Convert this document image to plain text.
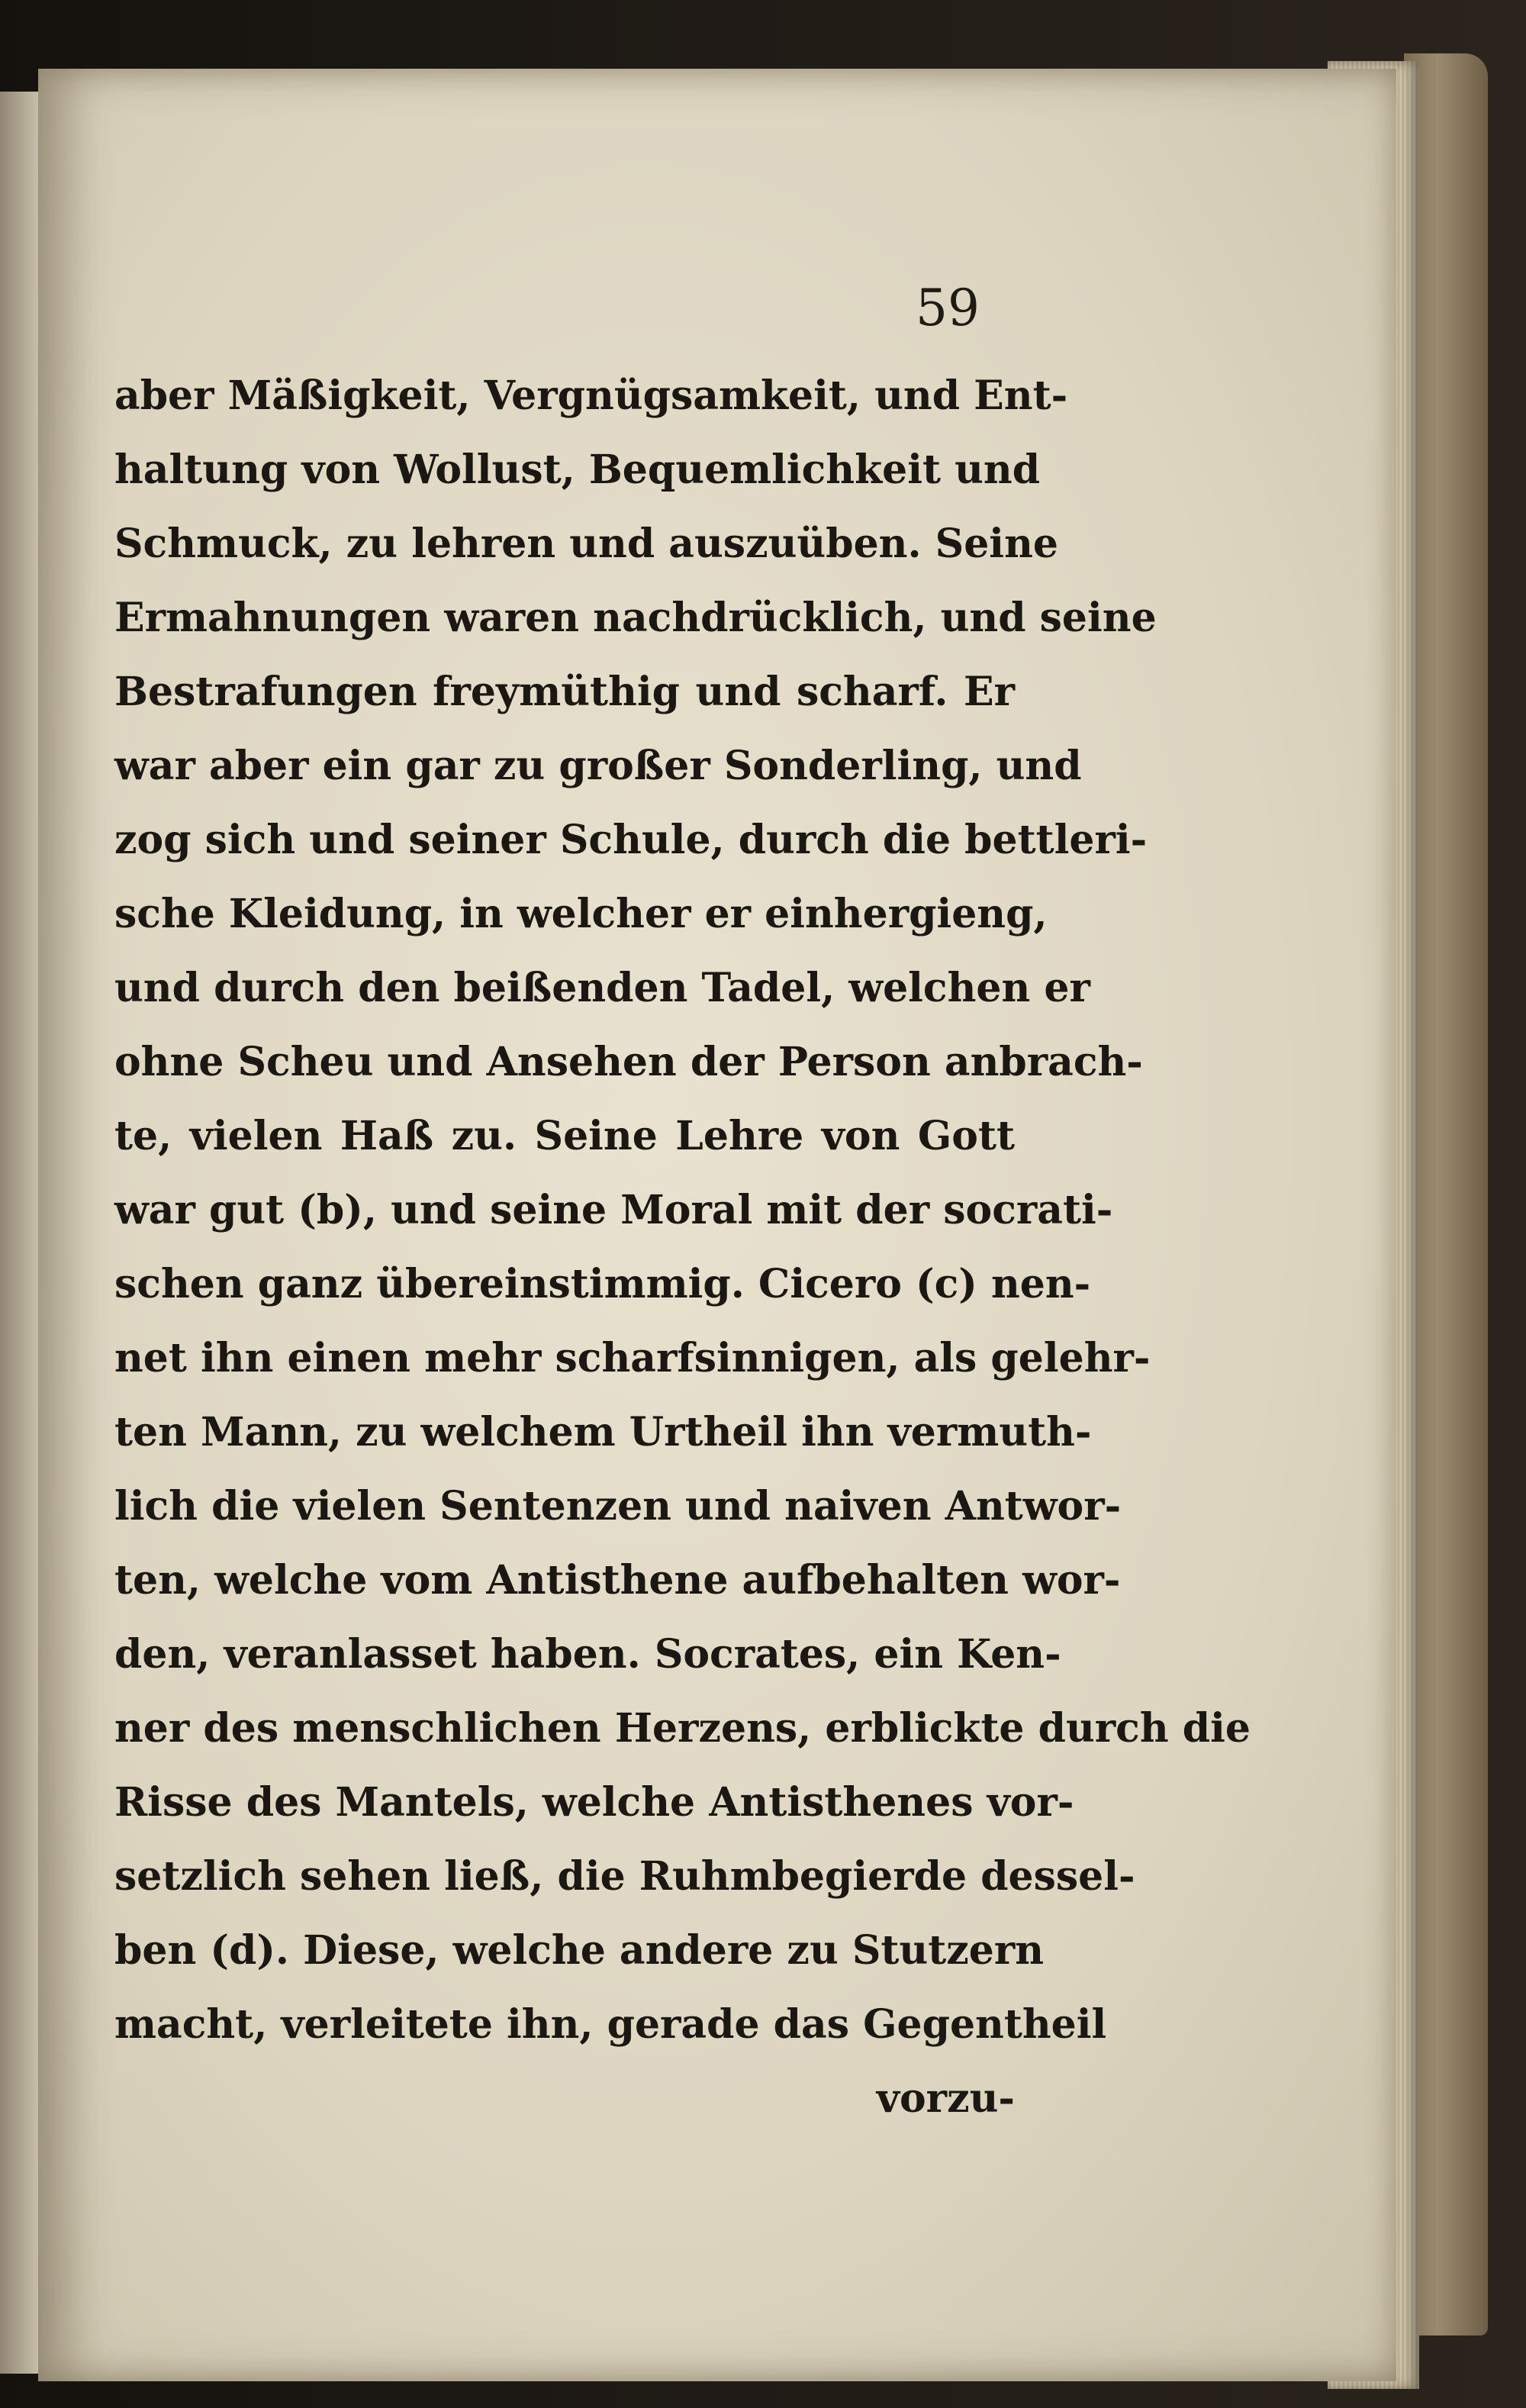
59
aber Mäßigkeit, Vergnügsamkeit, und Ent-
haltung von Wollust, Bequemlichkeit und
Schmuck, zu lehren und auszuüben. Seine
Ermahnungen waren nachdrücklich, und seine
Bestrafungen freymüthig und scharf. Er
war aber ein gar zu großer Sonderling, und
zog sich und seiner Schule, durch die bettleri-
sche Kleidung, in welcher er einhergieng,
und durch den beißenden Tadel, welchen er
ohne Scheu und Ansehen der Person anbrach-
te, vielen Haß zu. Seine Lehre von Gott
war gut (b), und seine Moral mit der socrati-
schen ganz übereinstimmig. Cicero (c) nen-
net ihn einen mehr scharfsinnigen, als gelehr-
ten Mann, zu welchem Urtheil ihn vermuth-
lich die vielen Sentenzen und naiven Antwor-
ten, welche vom Antisthene aufbehalten wor-
den, veranlasset haben. Socrates, ein Ken-
ner des menschlichen Herzens, erblickte durch die
Risse des Mantels, welche Antisthenes vor-
setzlich sehen ließ, die Ruhmbegierde dessel-
ben (d). Diese, welche andere zu Stutzern
macht, verleitete ihn, gerade das Gegentheil
vorzu-
